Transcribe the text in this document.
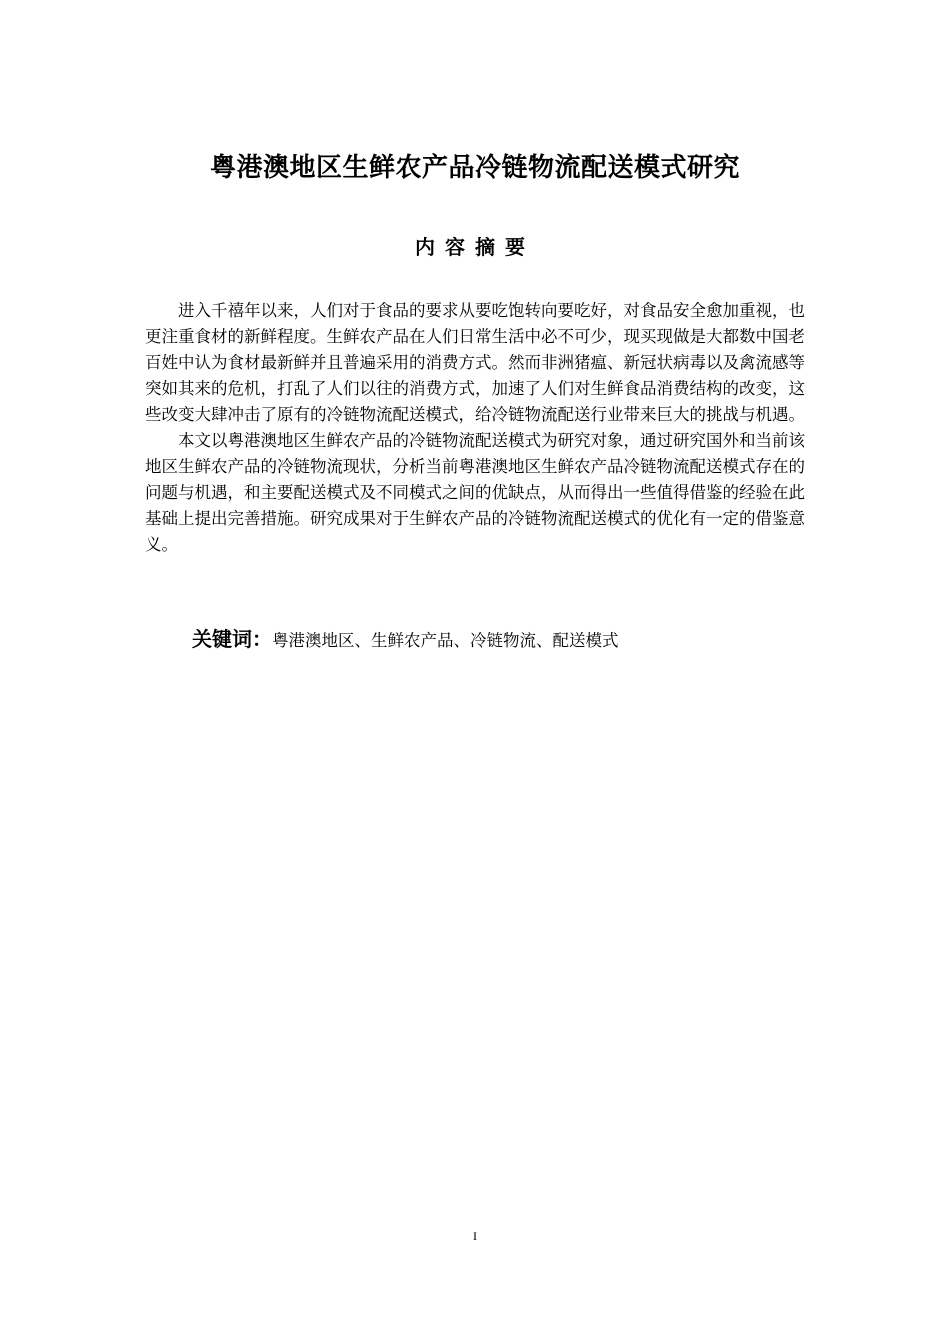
粤港澳地区生鲜农产品冷链物流配送模式研究
内容摘要

进入千禧年以来，人们对于食品的要求从要吃饱转向要吃好，对食品安全愈加重视，也更注重食材的新鲜程度。生鲜农产品在人们日常生活中必不可少，现买现做是大都数中国老百姓中认为食材最新鲜并且普遍采用的消费方式。然而非洲猪瘟、新冠状病毒以及禽流感等突如其来的危机，打乱了人们以往的消费方式，加速了人们对生鲜食品消费结构的改变，这些改变大肆冲击了原有的冷链物流配送模式，给冷链物流配送行业带来巨大的挑战与机遇。

本文以粤港澳地区生鲜农产品的冷链物流配送模式为研究对象，通过研究国外和当前该地区生鲜农产品的冷链物流现状，分析当前粤港澳地区生鲜农产品冷链物流配送模式存在的问题与机遇，和主要配送模式及不同模式之间的优缺点，从而得出一些值得借鉴的经验在此基础上提出完善措施。研究成果对于生鲜农产品的冷链物流配送模式的优化有一定的借鉴意义。

关键词：粤港澳地区、生鲜农产品、冷链物流、配送模式
I
